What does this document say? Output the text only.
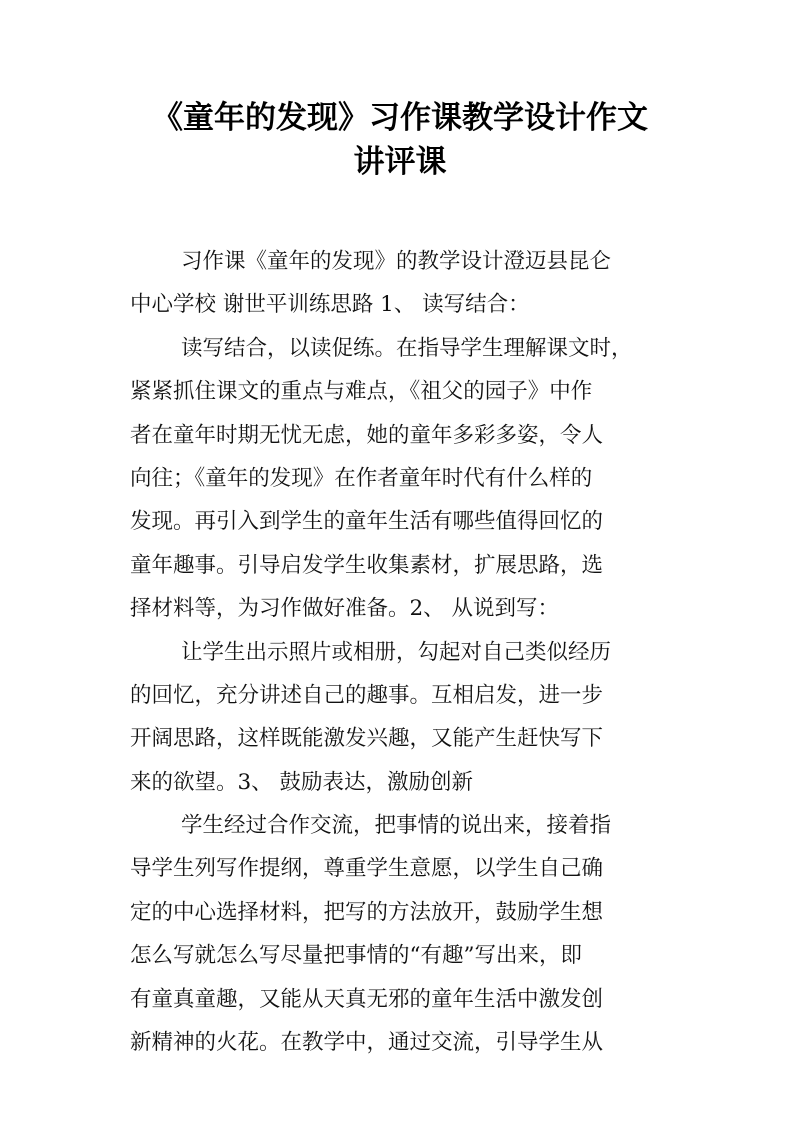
《童年的发现》习作课教学设计作文
讲评课
习作课《童年的发现》的教学设计澄迈县昆仑
中心学校 谢世平训练思路 1、 读写结合：
读写结合，以读促练。在指导学生理解课文时，
紧紧抓住课文的重点与难点，《祖父的园子》中作
者在童年时期无忧无虑，她的童年多彩多姿，令人
向往；《童年的发现》在作者童年时代有什么样的
发现。再引入到学生的童年生活有哪些值得回忆的
童年趣事。引导启发学生收集素材，扩展思路，选
择材料等，为习作做好准备。2、 从说到写：
让学生出示照片或相册，勾起对自己类似经历
的回忆，充分讲述自己的趣事。互相启发，进一步
开阔思路，这样既能激发兴趣，又能产生赶快写下
来的欲望。3、 鼓励表达，激励创新
学生经过合作交流，把事情的说出来，接着指
导学生列写作提纲，尊重学生意愿，以学生自己确
定的中心选择材料，把写的方法放开，鼓励学生想
怎么写就怎么写尽量把事情的“有趣”写出来，即
有童真童趣，又能从天真无邪的童年生活中激发创
新精神的火花。在教学中，通过交流，引导学生从
